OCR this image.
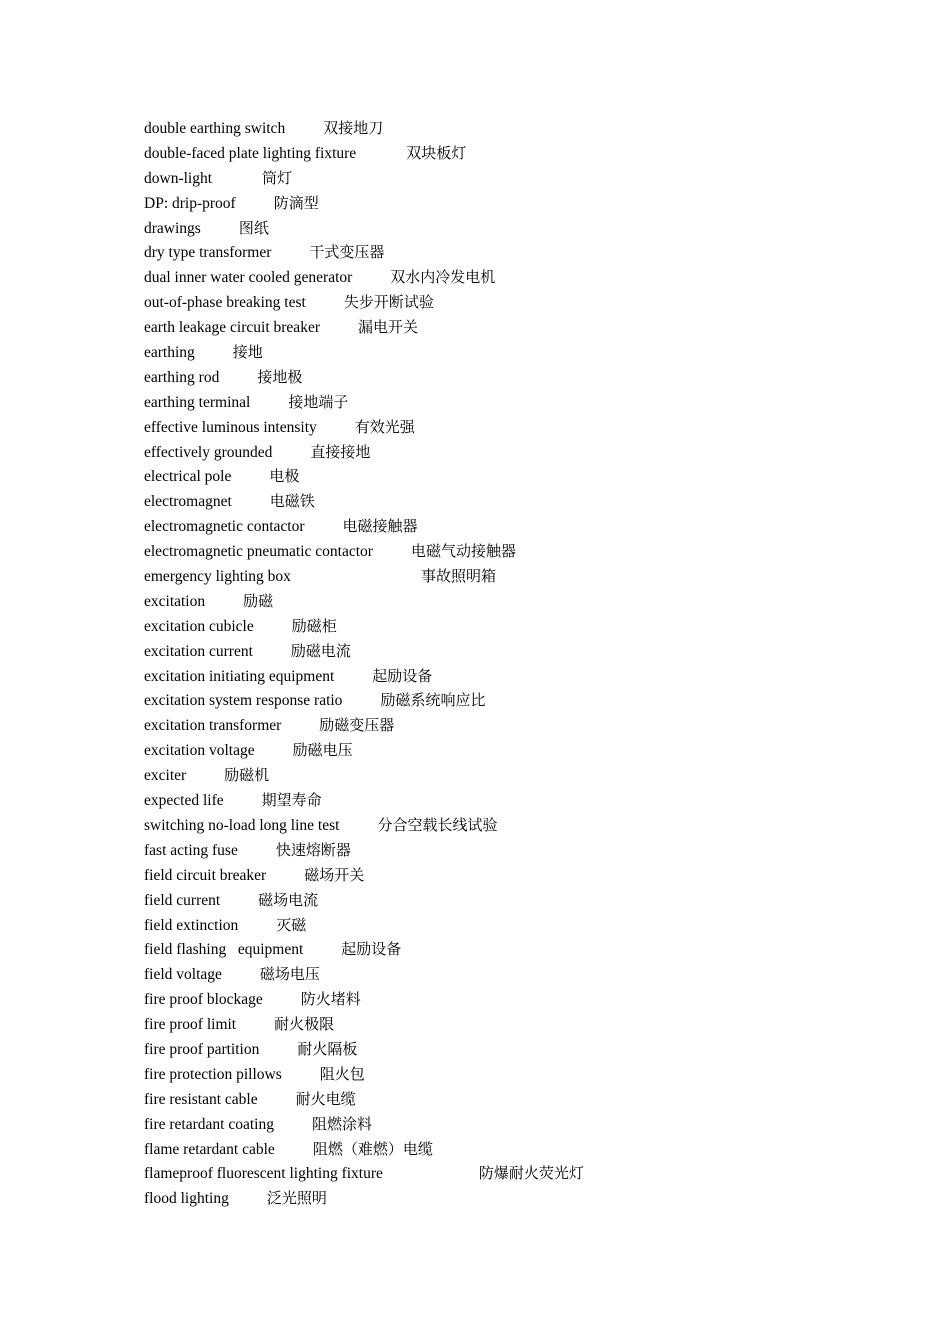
double earthing switch	双接地刀
double-faced plate lighting fixture	双块板灯
down-light	筒灯
DP: drip-proof	防滴型
drawings	图纸
dry type transformer	干式变压器
dual inner water cooled generator	双水内冷发电机
out-of-phase breaking test	失步开断试验
earth leakage circuit breaker	漏电开关
earthing	接地
earthing rod	接地极
earthing terminal	接地端子
effective luminous intensity	有效光强
effectively grounded	直接接地
electrical pole	电极
electromagnet	电磁铁
electromagnetic contactor	电磁接触器
electromagnetic pneumatic contactor	电磁气动接触器
emergency lighting box	事故照明箱
excitation	励磁
excitation cubicle	励磁柜
excitation current	励磁电流
excitation initiating equipment	起励设备
excitation system response ratio	励磁系统响应比
excitation transformer	励磁变压器
excitation voltage	励磁电压
exciter	励磁机
expected life	期望寿命
switching no-load long line test	分合空载长线试验
fast acting fuse	快速熔断器
field circuit breaker	磁场开关
field current	磁场电流
field extinction	灭磁
field flashing   equipment	起励设备
field voltage	磁场电压
fire proof blockage	防火堵料
fire proof limit	耐火极限
fire proof partition	耐火隔板
fire protection pillows	阻火包
fire resistant cable	耐火电缆
fire retardant coating	阻燃涂料
flame retardant cable	阻燃（难燃）电缆
flameproof fluorescent lighting fixture	防爆耐火荧光灯
flood lighting	泛光照明
